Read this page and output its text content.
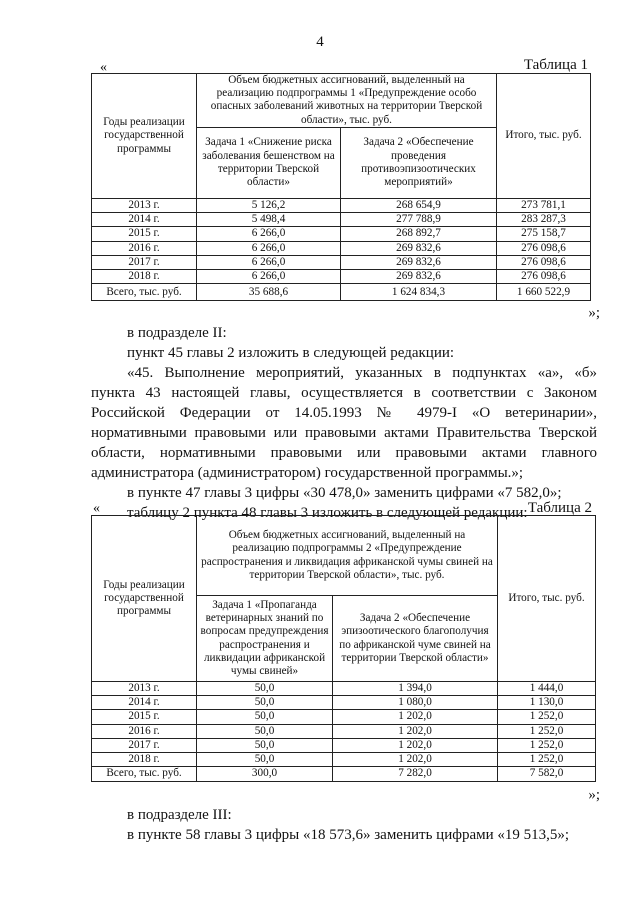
4
«	Таблица 1
Годы реализации государственной программы	Объем бюджетных ассигнований, выделенный на реализацию подпрограммы 1 «Предупреждение особо опасных заболеваний животных на территории Тверской области», тыс. руб.		Итого, тыс. руб.
	Задача 1 «Снижение риска заболевания бешенством на территории Тверской области»	Задача 2 «Обеспечение проведения противоэпизоотических мероприятий»	
2013 г.	5 126,2	268 654,9	273 781,1
2014 г.	5 498,4	277 788,9	283 287,3
2015 г.	6 266,0	268 892,7	275 158,7
2016 г.	6 266,0	269 832,6	276 098,6
2017 г.	6 266,0	269 832,6	276 098,6
2018 г.	6 266,0	269 832,6	276 098,6
Всего, тыс. руб.	35 688,6	1 624 834,3	1 660 522,9
»;
в подразделе II:
пункт 45 главы 2 изложить в следующей редакции:
«45. Выполнение мероприятий, указанных в подпунктах «а», «б»
пункта 43 настоящей главы, осуществляется в соответствии с Законом
Российской Федерации от 14.05.1993 № 4979-I «О ветеринарии»,
нормативными правовыми или правовыми актами Правительства Тверской
области, нормативными правовыми или правовыми актами главного
администратора (администратором) государственной программы.»;
в пункте 47 главы 3 цифры «30 478,0» заменить цифрами «7 582,0»;
таблицу 2 пункта 48 главы 3 изложить в следующей редакции:
«	Таблица 2
Годы реализации государственной программы	Объем бюджетных ассигнований, выделенный на реализацию подпрограммы 2 «Предупреждение распространения и ликвидация африканской чумы свиней на территории Тверской области», тыс. руб.		Итого, тыс. руб.
	Задача 1 «Пропаганда ветеринарных знаний по вопросам предупреждения распространения и ликвидации африканской чумы свиней»	Задача 2 «Обеспечение эпизоотического благополучия по африканской чуме свиней на территории Тверской области»	
2013 г.	50,0	1 394,0	1 444,0
2014 г.	50,0	1 080,0	1 130,0
2015 г.	50,0	1 202,0	1 252,0
2016 г.	50,0	1 202,0	1 252,0
2017 г.	50,0	1 202,0	1 252,0
2018 г.	50,0	1 202,0	1 252,0
Всего, тыс. руб.	300,0	7 282,0	7 582,0
»;
в подразделе III:
в пункте 58 главы 3 цифры «18 573,6» заменить цифрами «19 513,5»;
